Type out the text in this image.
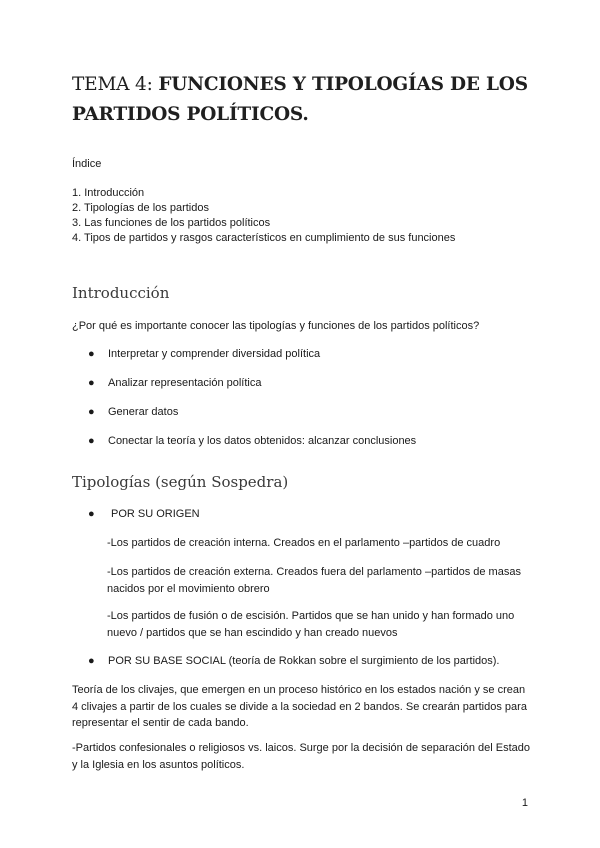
TEMA 4: FUNCIONES Y TIPOLOGÍAS DE LOS
PARTIDOS POLÍTICOS.
Índice
1. Introducción
2. Tipologías de los partidos
3. Las funciones de los partidos políticos
4. Tipos de partidos y rasgos característicos en cumplimiento de sus funciones
Introducción
¿Por qué es importante conocer las tipologías y funciones de los partidos políticos?
● Interpretar y comprender diversidad política
● Analizar representación política
● Generar datos
● Conectar la teoría y los datos obtenidos: alcanzar conclusiones
Tipologías (según Sospedra)
● POR SU ORIGEN
-Los partidos de creación interna. Creados en el parlamento –partidos de cuadro
-Los partidos de creación externa. Creados fuera del parlamento –partidos de masas nacidos por el movimiento obrero
-Los partidos de fusión o de escisión. Partidos que se han unido y han formado uno nuevo / partidos que se han escindido y han creado nuevos
● POR SU BASE SOCIAL (teoría de Rokkan sobre el surgimiento de los partidos).
Teoría de los clivajes, que emergen en un proceso histórico en los estados nación y se crean 4 clivajes a partir de los cuales se divide a la sociedad en 2 bandos. Se crearán partidos para representar el sentir de cada bando.
-Partidos confesionales o religiosos vs. laicos. Surge por la decisión de separación del Estado y la Iglesia en los asuntos políticos.
1
